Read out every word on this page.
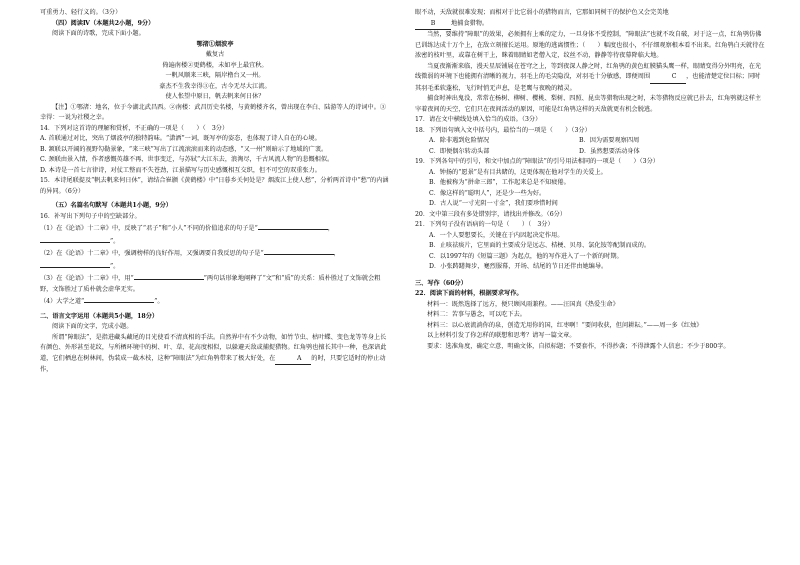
可重勇力、轻行义的。（3分）

（四）阅读Ⅳ（本题共2小题，9分）

阅读下面的诗歌，完成下面小题。

鄂渚①烟波亭

戴复古

倚遍南楼②更鹤楼，未如亭上最宜秋。

一帆风顺来三峡，隔岸橹台又一州。

豪杰不生我幸得③在，古今无尽大江流。

使人怅望中原日，帆去帆来何日休？

【注】①鄂渚：地名，位于今湖北武昌西。②南楼：武昌历史名楼，与黄鹤楼齐名，曾出现在李白、陆游等人的诗词中。③幸得：一说为社稷之幸。

14．下列对这首诗的理解和赏析，不正确的一项是（　　）（　3分）

A. 首联通过对比，突出了烟波亭的独特韵味。“潇洒”一词，既写亭的姿态，也体现了诗人自在的心境。

B. 颔联以开阔的视野勾勒景象，“来三峡”写出了江流滚滚而来的动态感，“又一州”则暗示了地域的广袤。

C. 颈联由景入情，作者感慨英雄不再、世事变迁，与苏轼“大江东去，浪淘尽，千古风流人物”的悲慨相似。

D. 本诗是一首七言律诗，对仗工整而不失苍劲，江景描写与历史感慨相互交织，但不可空的双重张力。

15．本诗尾联提及“帆去帆来何日休”，请结合崔颢《黄鹤楼》中“日暮乡关何处是？烟波江上使人愁”，分析两首诗中“愁”的内涵的异同。（6分）

（五）名篇名句默写（本题共1小题，9分）

16．补写出下列句子中的空缺部分。

（1）在《论语》十二章》中，反映了“君子”和“小人”不同的价值追求的句子是“	，”。

（2）在《论语》十二章》中，强调榜样的良好作用，又强调要自我反思的句子是“	，”。

（3）在《论语》十二章》中，用“	”两句话形象地阐释了“文”和“质”的关系：质朴胜过了文饰就会粗野，文饰胜过了质朴就会虚华无实。

（4）大学之道“	”。

二、语言文字运用（本题共5小题，18分）

阅读下面的文字，完成小题。

所谓“障眼法”，是指进藏头藏尾的目光使看不清真相的手法。自然界中有不少动物，如竹节虫、枯叶蝶、变色龙等等身上长有颜色、外形甚至花纹，与所栖环境中的树、叶、草、花高度相似，以躲避天敌或捕捉猎物。红角鸮也擅长其中一种，也深谙此道，它们栖息在树林间，伪装成一截木枝，这种“障眼法”为红角鸮带来了极大好处，在	A 的时，只要它适时的停止动作，

眼不动，天敌就很难发现；而相对于比它弱小的猎物而言，它那如同树干的保护色又会完美地

B	地捕食猎物。

当然，要维持“障眼”的效果，必须拥有上乘的定力，一旦身体不受控制，“障眼法”也就不攻自破，对于这一点，红角鸮仿佛已训练达成十万个上，在敌立刻擅长运用。原地的逃离惯性；（　　）幅度也很小，不仔细观察根本看不出来。红角鸮白天就待在浓密的枝叶里，或靠在树干上，眯着眼睛如老僧入定，纹丝不动，静静等待夜幕降临大地。

当夏夜渐渐来临，漫天星辰铺展在苍穹之上，等到夜深人静之时，红角鸮的黄色虹膜猫头鹰一样，眼睛变得分外明亮，在光线微弱的环境下也能拥有清晰的视力，羽毛上的毛尖隐没，对羽毛十分敏感，即便周围	C ，也能清楚定位目标；同时其羽毛柔软蓬松，飞行时悄无声息，是老鹰与夜晚的精灵。

捕食时神出鬼没，常常在杨树、柳树、樱桃、梨树、四照、昆虫等猎物出现之时，未等猎物反应就已扑去，红角鸮就这样主宰着夜间的天空，它们只在夜间活动的原因，可能是红角鸮这样的天敌就更有机会脱逃。

17．请在文中横线处填入恰当的成语。（3分）

18．下列语句填入文中括号内，最恰当的一项是（　　）（3分）

A．除非遇到危险情况	B．因为需要观察四周

C．即便偶尔转动头部	D．虽然想要活动身体

19．下列各句中的引号，和文中加点的“障眼法”的引号用法相同的一项是（　　）（3分）

A．钟扬的“愿景”是有目共睹的，这更体现在他对学生的关爱上。

B．他被称为“拼命三郎”，工作起来总是不知疲倦。

C．像这样的“聪明人”，还是少一些为好。

D．古人说“一寸光阴一寸金”，我们要珍惜时间

20．文中第三段有多处错别字，请找出并修改。（6分）

21．下列句子没有语病的一句是（　　）（　3分）

A．一个人要想要长，关键在于内因起决定作用。

B．止咳祛痰片，它里面的主要成分是远志、桔梗、贝母、氯化铵等配制而成的。

C．以1997年的《短篇三题》为起点，他的写作进入了一个新的时期。

D．小张踌躇舞步，蹇烈服幕，开场、结尾的节日还伴由她编导。

三、写作（60分）

22．阅读下面的材料，根据要求写作。

材料一：既然选择了远方，便只顾风雨兼程。——汪国真《热爱生命》

材料二：苦事与愚念，可以吃下去。

材料三：以心底流淌你的泉，创造无用你的国，红枣啊！“要问收获，但问耕耘。”——周一多《红烛》

以上材料引发了你怎样的联想和思考？请写一篇文章。

要求：选准角度，确定立意，明确文体，自拟标题；不要套作，不得抄袭；不得泄露个人信息；不少于800字。
